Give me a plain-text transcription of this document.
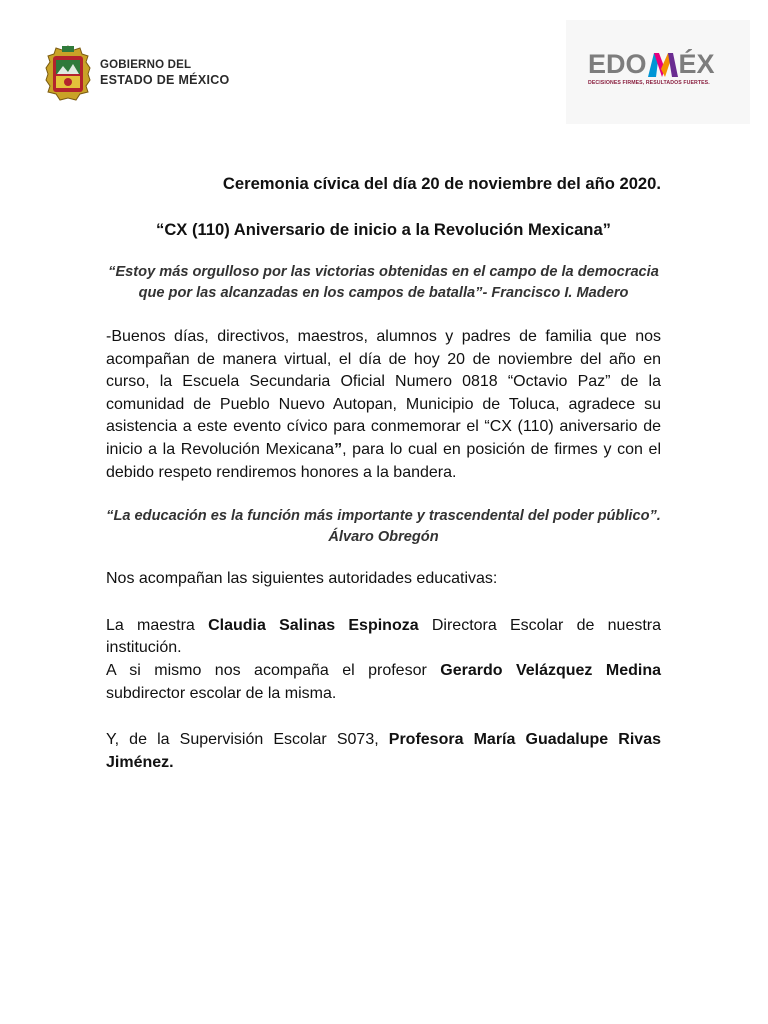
GOBIERNO DEL
ESTADO DE MÉXICO
EDO ÉX
DECISIONES FIRMES, RESULTADOS FUERTES.

Ceremonia cívica del día 20 de noviembre del año 2020.

“CX (110) Aniversario de inicio a la Revolución Mexicana”

“Estoy más orgulloso por las victorias obtenidas en el campo de la democracia que por las alcanzadas en los campos de batalla”- Francisco I. Madero

-Buenos días, directivos, maestros, alumnos y padres de familia que nos acompañan de manera virtual, el día de hoy 20 de noviembre del año en curso, la Escuela Secundaria Oficial Numero 0818 “Octavio Paz” de la comunidad de Pueblo Nuevo Autopan, Municipio de Toluca, agradece su asistencia a este evento cívico para conmemorar el “CX (110) aniversario de inicio a la Revolución Mexicana”, para lo cual en posición de firmes y con el debido respeto rendiremos honores a la bandera.

“La educación es la función más importante y trascendental del poder público”. Álvaro Obregón

Nos acompañan las siguientes autoridades educativas:

La maestra Claudia Salinas Espinoza Directora Escolar de nuestra institución.

A si mismo nos acompaña el profesor Gerardo Velázquez Medina subdirector escolar de la misma.

Y, de la Supervisión Escolar S073, Profesora María Guadalupe Rivas Jiménez.
